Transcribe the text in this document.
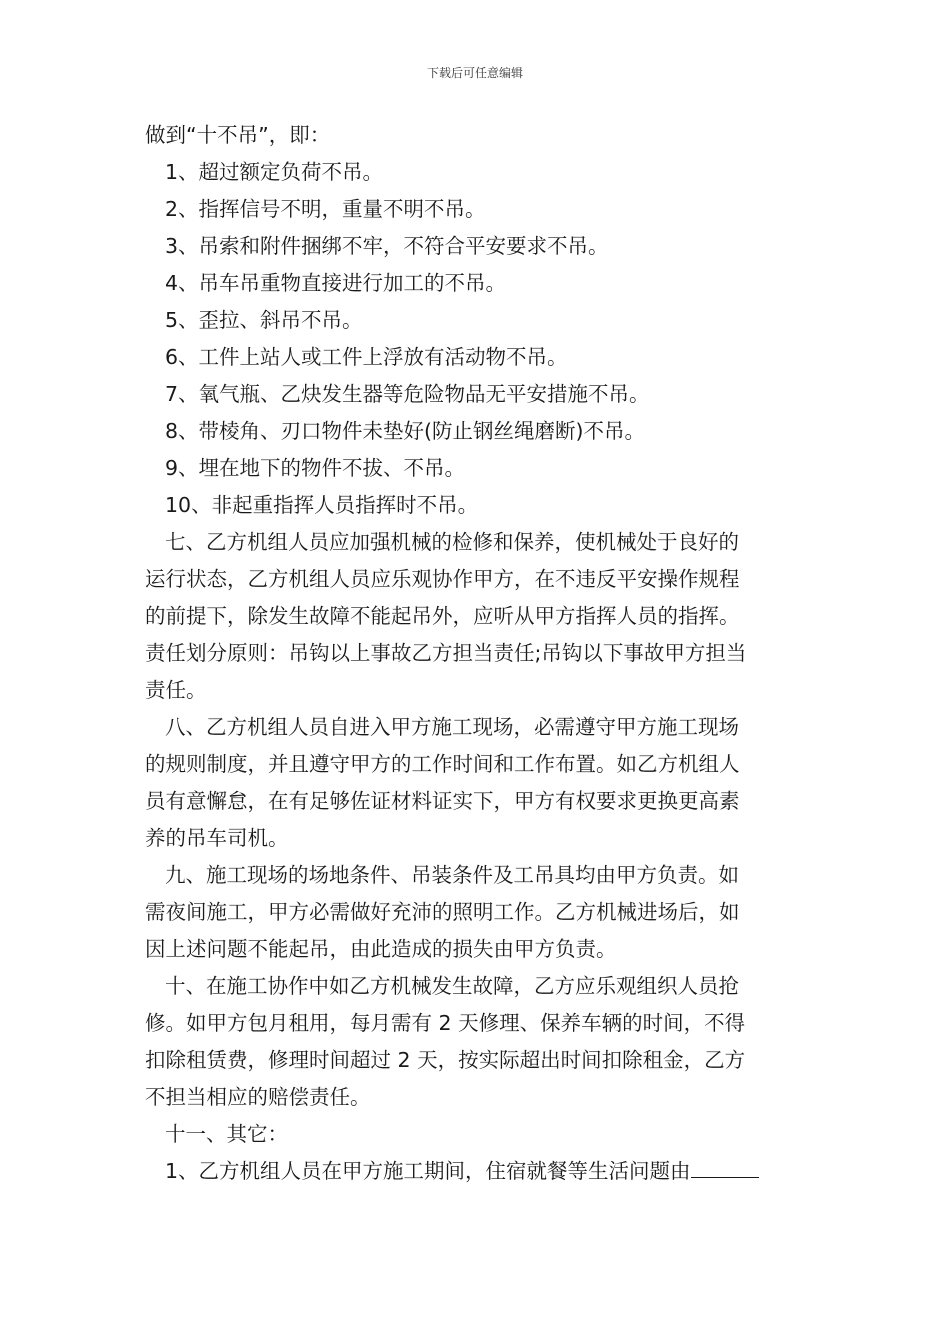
下载后可任意编辑
做到“十不吊”，即：
1、超过额定负荷不吊。
2、指挥信号不明，重量不明不吊。
3、吊索和附件捆绑不牢，不符合平安要求不吊。
4、吊车吊重物直接进行加工的不吊。
5、歪拉、斜吊不吊。
6、工件上站人或工件上浮放有活动物不吊。
7、氧气瓶、乙炔发生器等危险物品无平安措施不吊。
8、带棱角、刃口物件未垫好(防止钢丝绳磨断)不吊。
9、埋在地下的物件不拔、不吊。
10、非起重指挥人员指挥时不吊。
七、乙方机组人员应加强机械的检修和保养，使机械处于良好的
运行状态，乙方机组人员应乐观协作甲方，在不违反平安操作规程
的前提下，除发生故障不能起吊外，应听从甲方指挥人员的指挥。
责任划分原则：吊钩以上事故乙方担当责任;吊钩以下事故甲方担当
责任。
八、乙方机组人员自进入甲方施工现场，必需遵守甲方施工现场
的规则制度，并且遵守甲方的工作时间和工作布置。如乙方机组人
员有意懈怠，在有足够佐证材料证实下，甲方有权要求更换更高素
养的吊车司机。
九、施工现场的场地条件、吊装条件及工吊具均由甲方负责。如
需夜间施工，甲方必需做好充沛的照明工作。乙方机械进场后，如
因上述问题不能起吊，由此造成的损失由甲方负责。
十、在施工协作中如乙方机械发生故障，乙方应乐观组织人员抢
修。如甲方包月租用，每月需有 2 天修理、保养车辆的时间，不得
扣除租赁费，修理时间超过 2 天，按实际超出时间扣除租金，乙方
不担当相应的赔偿责任。
十一、其它：
1、乙方机组人员在甲方施工期间，住宿就餐等生活问题由
